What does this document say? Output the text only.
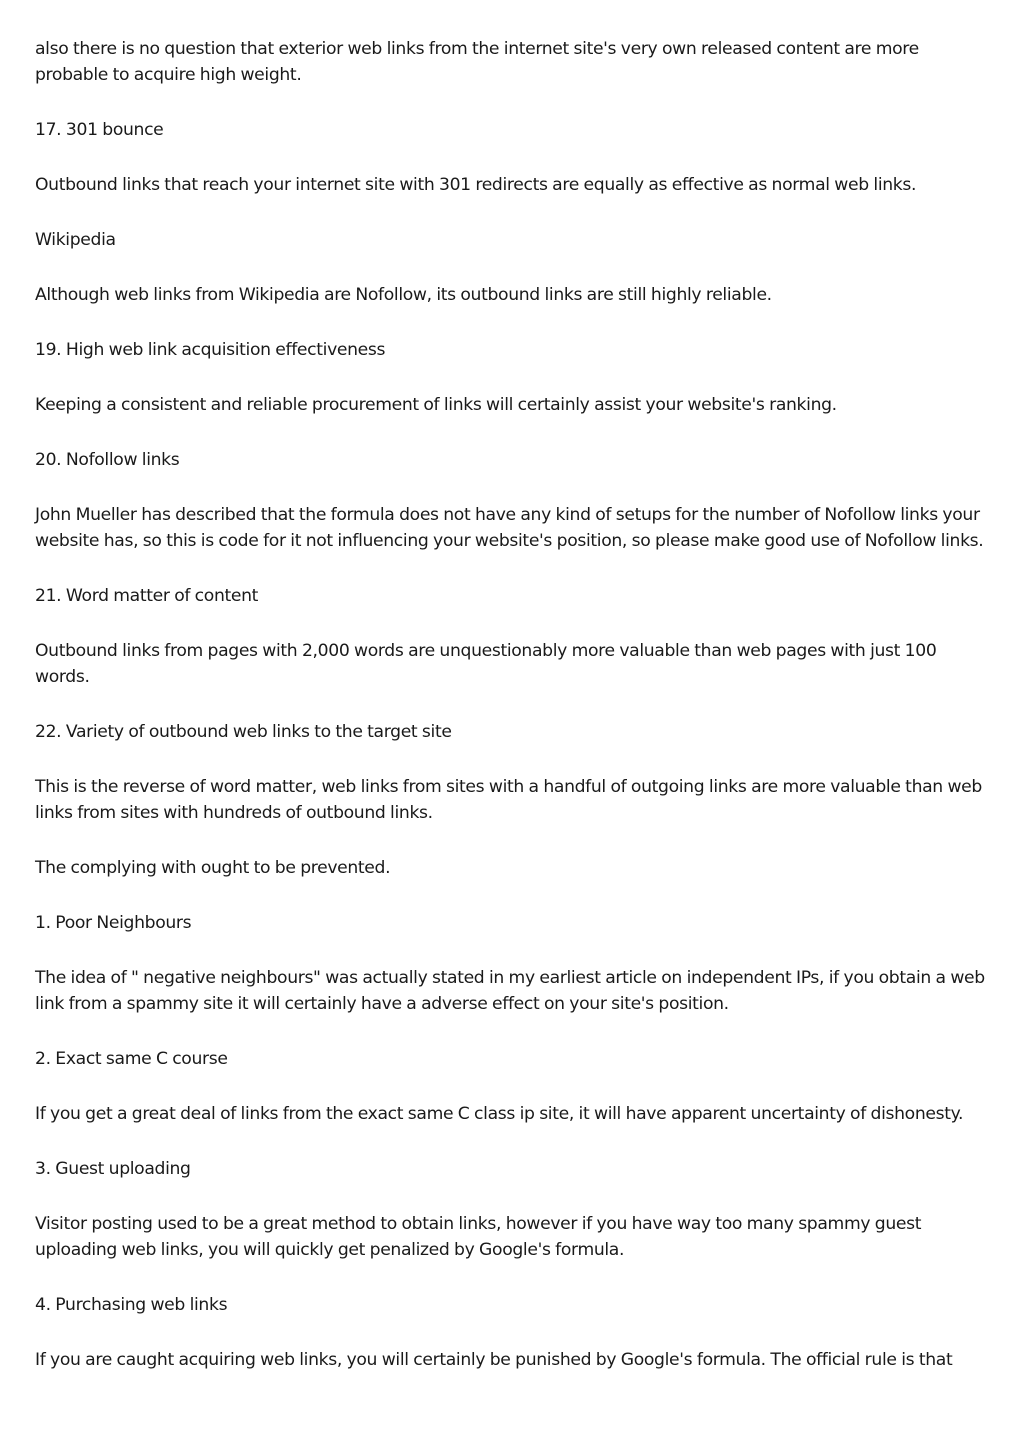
also there is no question that exterior web links from the internet site's very own released content are more probable to acquire high weight.

17. 301 bounce

Outbound links that reach your internet site with 301 redirects are equally as effective as normal web links.

Wikipedia

Although web links from Wikipedia are Nofollow, its outbound links are still highly reliable.

19. High web link acquisition effectiveness

Keeping a consistent and reliable procurement of links will certainly assist your website's ranking.

20. Nofollow links

John Mueller has described that the formula does not have any kind of setups for the number of Nofollow links your website has, so this is code for it not influencing your website's position, so please make good use of Nofollow links.

21. Word matter of content

Outbound links from pages with 2,000 words are unquestionably more valuable than web pages with just 100 words.

22. Variety of outbound web links to the target site

This is the reverse of word matter, web links from sites with a handful of outgoing links are more valuable than web links from sites with hundreds of outbound links.

The complying with ought to be prevented.

1. Poor Neighbours

The idea of " negative neighbours" was actually stated in my earliest article on independent IPs, if you obtain a web link from a spammy site it will certainly have a adverse effect on your site's position.

2. Exact same C course

If you get a great deal of links from the exact same C class ip site, it will have apparent uncertainty of dishonesty.

3. Guest uploading

Visitor posting used to be a great method to obtain links, however if you have way too many spammy guest uploading web links, you will quickly get penalized by Google's formula.

4. Purchasing web links

If you are caught acquiring web links, you will certainly be punished by Google's formula. The official rule is that
